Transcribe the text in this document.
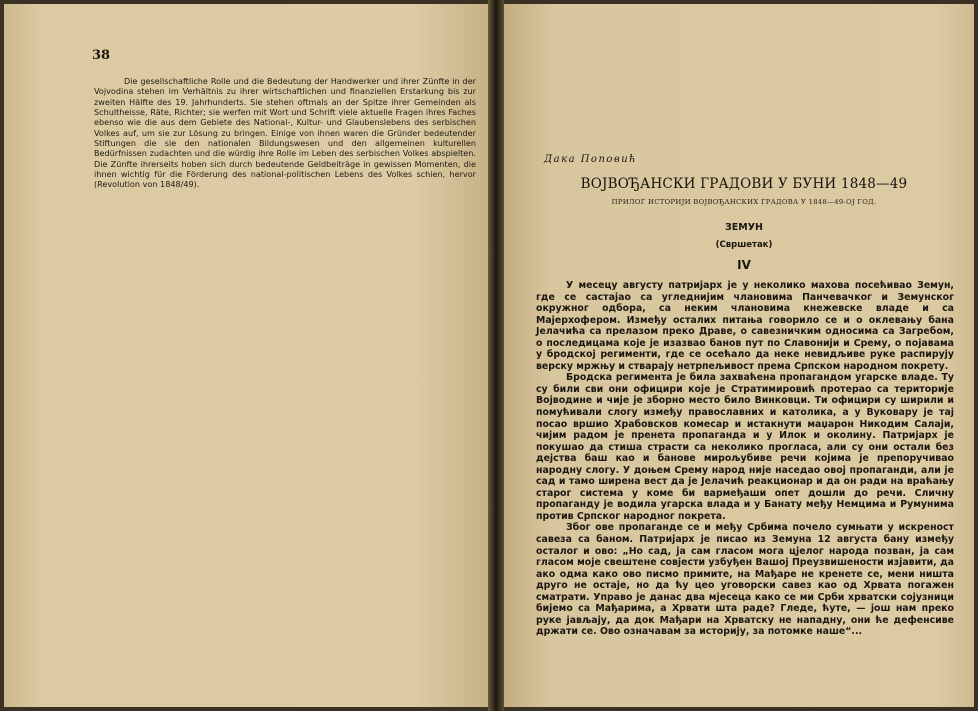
38

Die gesellschaftliche Rolle und die Bedeutung der Handwerker und ihrer Zünfte in der Vojvodina stehen im Verhältnis zu ihrer wirtschaftlichen und finanziellen Erstarkung bis zur zweiten Hälfte des 19. Jahrhunderts. Sie stehen oftmals an der Spitze ihrer Gemeinden als Schultheisse, Räte, Richter; sie werfen mit Wort und Schrift viele aktuelle Fragen ihres Faches ebenso wie die aus dem Gebiete des National-, Kultur- und Glaubenslebens des serbischen Volkes auf, um sie zur Lösung zu bringen. Einige von ihnen waren die Gründer bedeutender Stiftungen die sie den nationalen Bildungswesen und den allgemeinen kulturellen Bedürfnissen zudachten und die würdig ihre Rolle im Leben des serbischen Volkes abspielten. Die Zünfte ihrerseits hoben sich durch bedeutende Geldbeiträge in gewissen Momenten, die ihnen wichtig für die Förderung des national-politischen Lebens des Volkes schien, hervor (Revolution von 1848/49).

Дака Поповић
ВОЈВОЂАНСКИ ГРАДОВИ У БУНИ 1848—49
ПРИЛОГ ИСТОРИЈИ ВОЈВОЂАНСКИХ ГРАДОВА У 1848—49-ОЈ ГОД.
ЗЕМУН
(Свршетак)
IV

У месецу августу патријарх је у неколико махова посећивао Земун, где се састајао са угледнијим члановима Панчевачког и Земунског окружног одбора, са неким члановима кнежевске владе и са Мајерхофером. Између осталих питања говорило се и о оклевању бана Јелачића са прелазом преко Драве, о савезничким односима са Загребом, о последицама које је изазвао банов пут по Славонији и Срему, о појавама у бродској регименти, где се осећало да неке невидљиве руке распирују верску мржњу и стварају нетрпељивост према Српском народном покрету.

Бродска регимента је била захваћена пропагандом угарске владе. Ту су били сви они официри које је Стратимировић протерао са територије Војводине и чије је зборно место било Винковци. Ти официри су ширили и помућивали слогу између православних и католика, а у Вуковару је тај посао вршио Храбовсков комесар и истакнути маџарон Никодим Салаји, чијим радом је пренета пропаганда и у Илок и околину. Патријарх је покушао да стиша страсти са неколико проглаcа, али су они остали без дејства баш као и банове мирољубиве речи којима је препоручивао народну слогу. У доњем Срему народ није наседао овој пропаганди, али је сад и тамо ширена вест да је Јелачић реакционар и да он ради на враћању старог система у коме би вармеђаши опет дошли до речи. Сличну пропаганду је водила угарска влада и у Банату међу Немцима и Румунима против Српског народног покрета.

Због ове пропаганде се и међу Србима почело сумњати у искреност савеза са баном. Патријарх је писао из Земуна 12 августа бану између осталог и ово: „Но сад, ја сам гласом мога цјелог народа позван, ја сам гласом моје свештене совјести узбуђен Вашој Преузвишености изјавити, да ако одма како ово писмо примите, на Мађаре не кренете се, мени ништа друго не остаје, но да ћу цео уговорски савез као од Хрвата погажен сматрати. Управо је данас два мјесеца како се ми Срби хрватски сојузници бијемо са Мађарима, а Хрвати шта раде? Гледе, ћуте, — још нам преко руке јављају, да док Мађари на Хрватску не нападну, они ће дефенсиве држати се. Ово означавам за историју, за потомке наше“...
